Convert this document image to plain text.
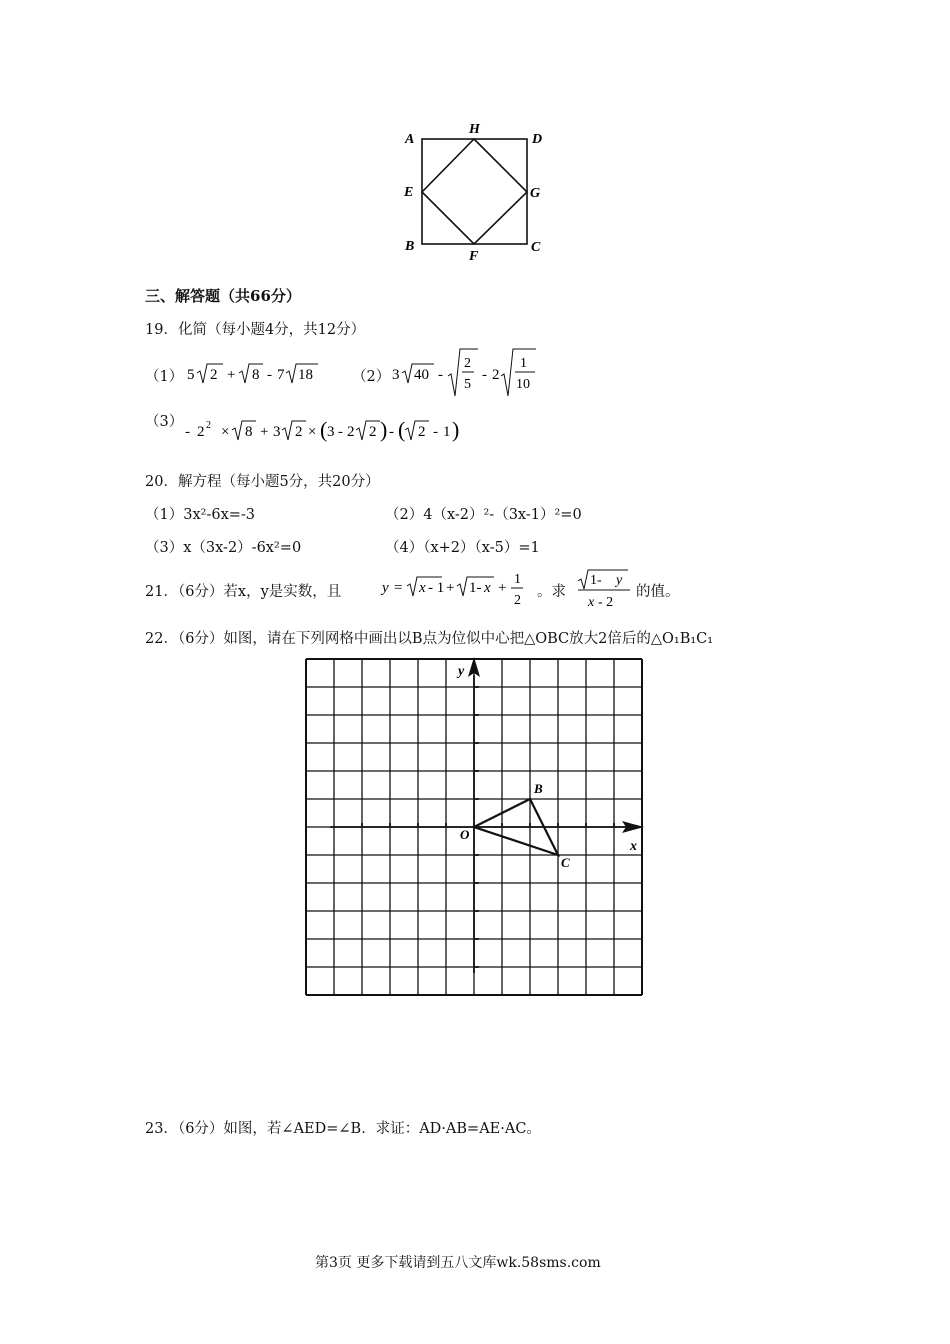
A
H
D
E	G
B
F
C
三、解答题（共66分）
19．化简（每小题4分，共12分）
（1） 5 2 + 8 - 7 18	（2） 3 40 -
2
5
- 2
1
10
（3）
- 2 2 × 8 + 3 2 × ( 3 - 2 2 ) - ( 2 - 1 )
20．解方程（每小题5分，共20分）
（1）3x²-6x=-3	（2）4（x-2）²-（3x-1）²=0
（3）x（3x-2）-6x²=0	（4）（x+2）（x-5）=1
21．（6分）若x，y是实数，且	y = x - 1 + 1- x +
1
2
。求
1- y
x - 2
的值。
22．（6分）如图，请在下列网格中画出以B点为位似中心把△OBC放大2倍后的△O₁B₁C₁
y
x
O
B
C
23．（6分）如图，若∠AED=∠B．求证：AD·AB=AE·AC。
第3页 更多下载请到五八文库wk.58sms.com
